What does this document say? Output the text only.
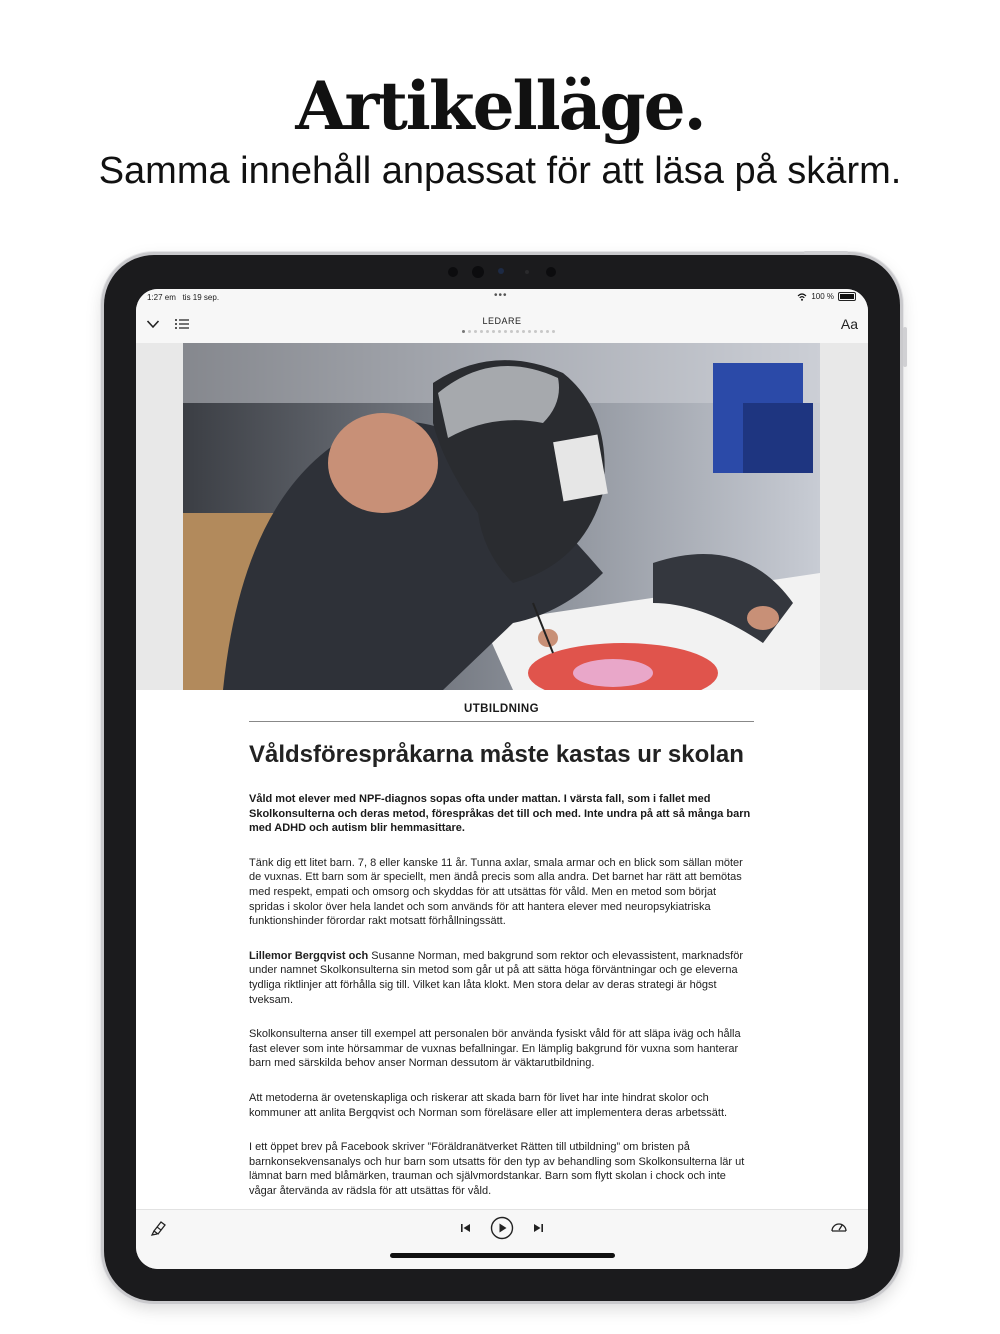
Artikelläge.
Samma innehåll anpassat för att läsa på skärm.
1:27 em tis 19 sep.	•••	100 %
LEDARE	Aa
UTBILDNING
Våldsförespråkarna måste kastas ur skolan
Våld mot elever med NPF-diagnos sopas ofta under mattan. I värsta fall, som i fallet med Skolkonsulterna och deras metod, förespråkas det till och med. Inte undra på att så många barn med ADHD och autism blir hemmasittare.
Tänk dig ett litet barn. 7, 8 eller kanske 11 år. Tunna axlar, smala armar och en blick som sällan möter de vuxnas. Ett barn som är speciellt, men ändå precis som alla andra. Det barnet har rätt att bemötas med respekt, empati och omsorg och skyddas för att utsättas för våld. Men en metod som börjat spridas i skolor över hela landet och som används för att hantera elever med neuropsykiatriska funktionshinder förordar rakt motsatt förhållningssätt.
Lillemor Bergqvist och Susanne Norman, med bakgrund som rektor och elevassistent, marknadsför under namnet Skolkonsulterna sin metod som går ut på att sätta höga förväntningar och ge eleverna tydliga riktlinjer att förhålla sig till. Vilket kan låta klokt. Men stora delar av deras strategi är högst tveksam.
Skolkonsulterna anser till exempel att personalen bör använda fysiskt våld för att släpa iväg och hålla fast elever som inte hörsammar de vuxnas befallningar. En lämplig bakgrund för vuxna som hanterar barn med särskilda behov anser Norman dessutom är väktarutbildning.
Att metoderna är ovetenskapliga och riskerar att skada barn för livet har inte hindrat skolor och kommuner att anlita Bergqvist och Norman som föreläsare eller att implementera deras arbetssätt.
I ett öppet brev på Facebook skriver ”Föräldranätverket Rätten till utbildning” om bristen på barnkonsekvensanalys och hur barn som utsatts för den typ av behandling som Skolkonsulterna lär ut lämnat barn med blåmärken, trauman och självmordstankar. Barn som flytt skolan i chock och inte vågar återvända av rädsla för att utsättas för våld.
